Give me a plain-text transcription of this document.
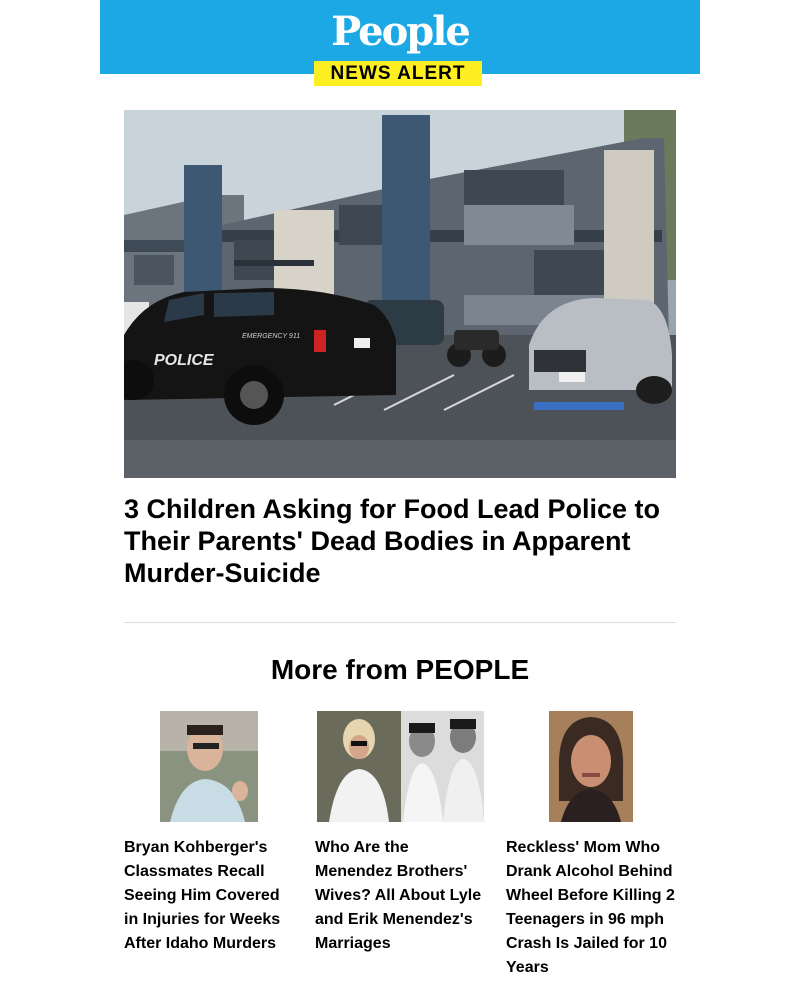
People
NEWS ALERT
POLICE
EMERGENCY 911
3 Children Asking for Food Lead Police to Their Parents' Dead Bodies in Apparent Murder-Suicide
More from PEOPLE
Bryan Kohberger's Classmates Recall Seeing Him Covered in Injuries for Weeks After Idaho Murders
Who Are the Menendez Brothers' Wives? All About Lyle and Erik Menendez's Marriages
Reckless' Mom Who Drank Alcohol Behind Wheel Before Killing 2 Teenagers in 96 mph Crash Is Jailed for 10 Years
